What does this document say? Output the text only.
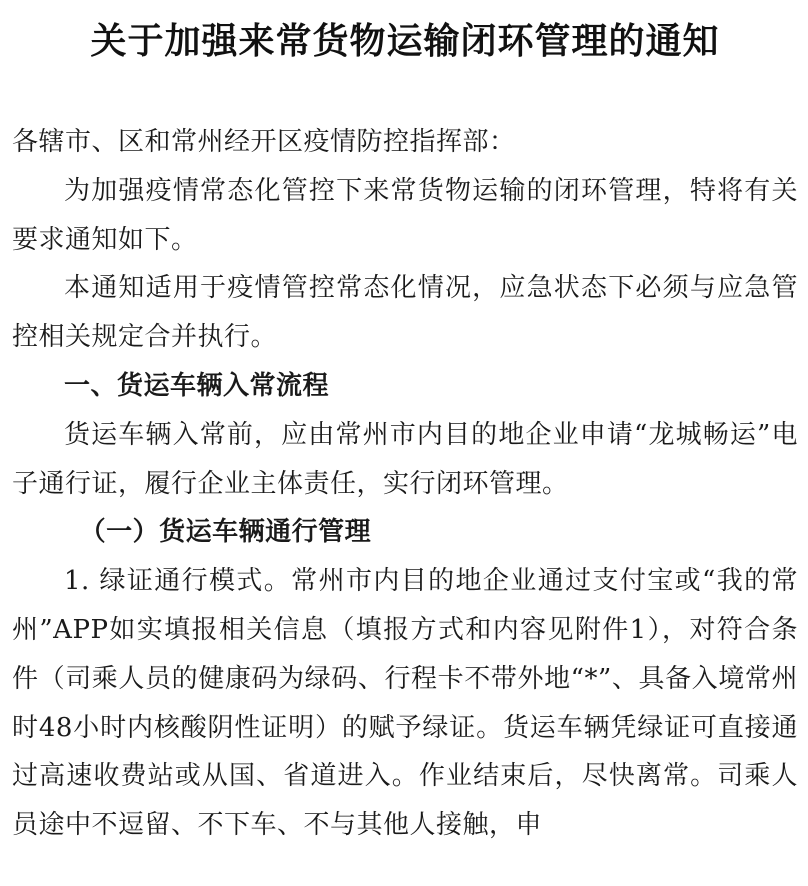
关于加强来常货物运输闭环管理的通知

各辖市、区和常州经开区疫情防控指挥部：

为加强疫情常态化管控下来常货物运输的闭环管理，特将有关要求通知如下。

本通知适用于疫情管控常态化情况，应急状态下必须与应急管控相关规定合并执行。

一、货运车辆入常流程

货运车辆入常前，应由常州市内目的地企业申请“龙城畅运”电子通行证，履行企业主体责任，实行闭环管理。

（一）货运车辆通行管理

1. 绿证通行模式。常州市内目的地企业通过支付宝或“我的常州”APP如实填报相关信息（填报方式和内容见附件1），对符合条件（司乘人员的健康码为绿码、行程卡不带外地“*”、具备入境常州时48小时内核酸阴性证明）的赋予绿证。货运车辆凭绿证可直接通过高速收费站或从国、省道进入。作业结束后，尽快离常。司乘人员途中不逗留、不下车、不与其他人接触，申
